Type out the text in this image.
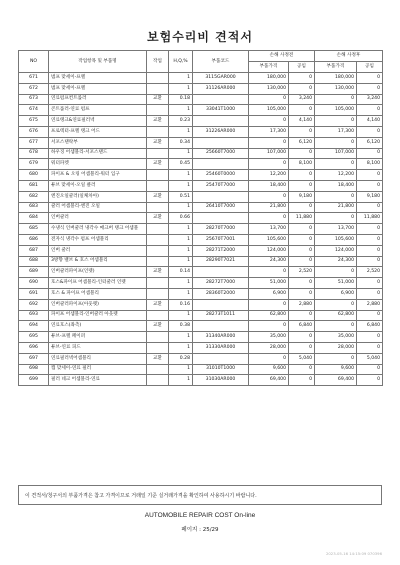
보험수리비 견적서
NO	작업항목 및 부품명	작업	H,Q,%	부품코드	손해 사정전		손해 사정후	
					부품가격	공임	부품가격	공임
671	범프 맞세이-프렐		1	3115GAR000	180,000	0	180,000	0
672	범프 맞세이-프렐		1	31126AR000	130,000	0	130,000	0
673	연료펌프컨트롤러	교환	0.18		0	3,240	0	3,240
674	콘트롤러-연료 펌프		1	33041T1000	105,000	0	105,000	0
675	연료탱크&연료필러넥	교환	0.23		0	4,140	0	4,140
676	프로텍터-프렐 탱크 어드		1	31226AR000	17,300	0	17,300	0
677	서포스탠락부	교환	0.34		0	6,120	0	6,120
678	하우징 어셈블리-서포스탠드		1	25660T7000	107,000	0	107,000	0
679	워터파켓	교환	0.45		0	8,100	0	8,100
680	파이프 & 오링 어셈블리-워터 입구		1	25460T0000	12,200	0	12,200	0
681	튜브 맞세이-오일 클러		1	25470T7000	18,400	0	18,400	0
682	엔진오일쿨러(일체차아)	교환	0.51		0	9,180	0	9,180
683	쿨러 어셈블리-엔진 오일		1	26410T7000	21,800	0	21,800	0
684	인버쿨러	교환	0.66		0	11,880	0	11,880
685	수냉식 인버쿨러 냉각수 매크버 탱크 어셈블		1	28270T7000	13,700	0	13,700	0
686	전자식 냉각수 펌프 어셈블리		1	25670T7001	105,600	0	105,600	0
687	인버 쿨러		1	28271T2000	124,000	0	124,000	0
688	3방향 밸브 & 호스 어셈블리		1	28290T7021	24,300	0	24,300	0
689	인버쿨러파이프(인렛)	교환	0.14		0	2,520	0	2,520
690	호스&파이프 어셈블리-인터쿨러 인렛		1	28272T7000	51,000	0	51,000	0
691	호스 & 파이프 어셈블리		1	28360T2000	6,900	0	6,900	0
692	인버쿨러파이프(아웃렛)	교환	0.16		0	2,880	0	2,880
693	파이프 어셈블리-인버쿨러 아웃렛		1	28273T1011	62,800	0	62,800	0
694	연료호스(좌측)	교환	0.38		0	6,840	0	6,840
695	튜브-프렐 페이퍼		1	31340AR000	35,000	0	35,000	0
696	튜브-연료 피드		1	31330AR000	28,000	0	28,000	0
697	연료필러넥어셈블리	교환	0.28		0	5,040	0	5,040
698	캡 맞세이-연료 필러		1	31010T1000	9,600	0	9,600	0
699	필러 네크 어셈블리-연료		1	31030AR000	69,400	0	69,400	0
이 견적서/청구서의 부품가격은 참고 가격이므로 거래일 기준 실거래가격을 확인하여 사용하시기 바랍니다.
AUTOMOBILE REPAIR COST On-line
페이지 : 25/29
2023-05-16 14:15:09 070396
